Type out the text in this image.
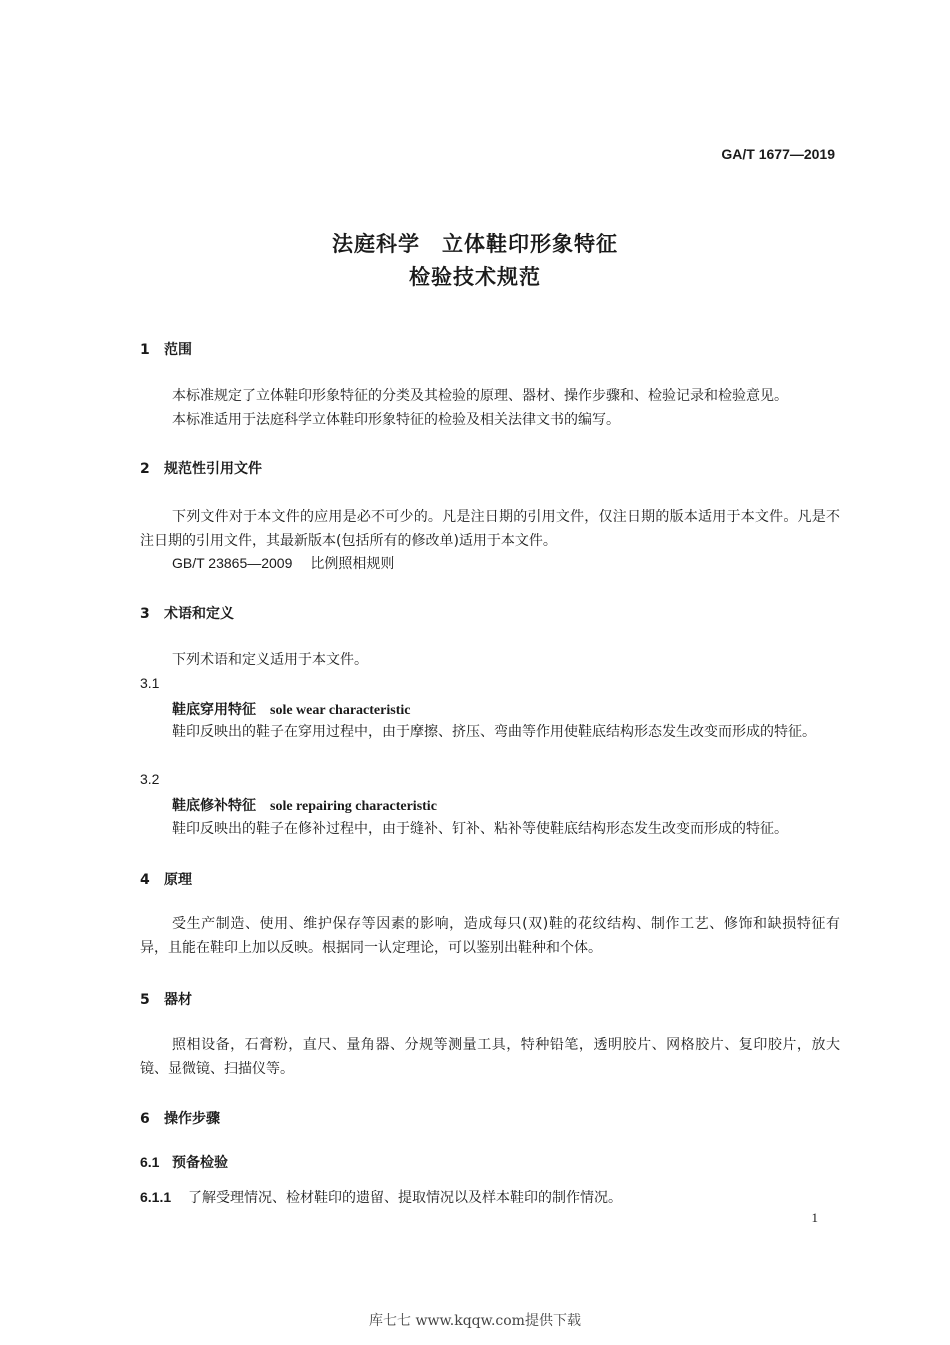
GA/T 1677—2019
法庭科学　立体鞋印形象特征
检验技术规范
1 范围
本标准规定了立体鞋印形象特征的分类及其检验的原理、器材、操作步骤和、检验记录和检验意见。
本标准适用于法庭科学立体鞋印形象特征的检验及相关法律文书的编写。
2 规范性引用文件
下列文件对于本文件的应用是必不可少的。凡是注日期的引用文件，仅注日期的版本适用于本文件。凡是不注日期的引用文件，其最新版本(包括所有的修改单)适用于本文件。
GB/T 23865—2009 比例照相规则
3 术语和定义
下列术语和定义适用于本文件。
3.1
鞋底穿用特征 sole wear characteristic
鞋印反映出的鞋子在穿用过程中，由于摩擦、挤压、弯曲等作用使鞋底结构形态发生改变而形成的特征。
3.2
鞋底修补特征 sole repairing characteristic
鞋印反映出的鞋子在修补过程中，由于缝补、钉补、粘补等使鞋底结构形态发生改变而形成的特征。
4 原理
受生产制造、使用、维护保存等因素的影响，造成每只(双)鞋的花纹结构、制作工艺、修饰和缺损特征有异，且能在鞋印上加以反映。根据同一认定理论，可以鉴别出鞋种和个体。
5 器材
照相设备，石膏粉，直尺、量角器、分规等测量工具，特种铅笔，透明胶片、网格胶片、复印胶片，放大镜、显微镜、扫描仪等。
6 操作步骤
6.1 预备检验
6.1.1 了解受理情况、检材鞋印的遗留、提取情况以及样本鞋印的制作情况。
1
库七七 www.kqqw.com提供下载
